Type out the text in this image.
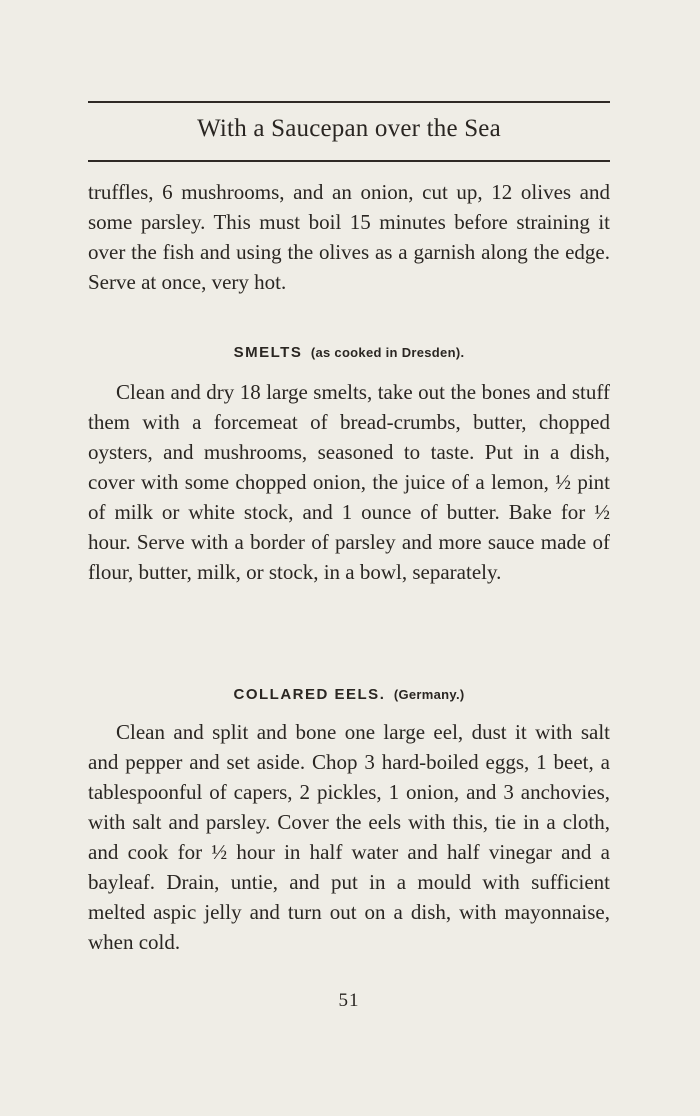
With a Saucepan over the Sea

truffles, 6 mushrooms, and an onion, cut up, 12 olives and some parsley. This must boil 15 minutes before straining it over the fish and using the olives as a garnish along the edge. Serve at once, very hot.

SMELTS (as cooked in Dresden).

Clean and dry 18 large smelts, take out the bones and stuff them with a forcemeat of bread-crumbs, butter, chopped oysters, and mushrooms, seasoned to taste. Put in a dish, cover with some chopped onion, the juice of a lemon, ½ pint of milk or white stock, and 1 ounce of butter. Bake for ½ hour. Serve with a border of parsley and more sauce made of flour, butter, milk, or stock, in a bowl, separately.

COLLARED EELS. (Germany.)

Clean and split and bone one large eel, dust it with salt and pepper and set aside. Chop 3 hard-boiled eggs, 1 beet, a tablespoonful of capers, 2 pickles, 1 onion, and 3 anchovies, with salt and parsley. Cover the eels with this, tie in a cloth, and cook for ½ hour in half water and half vinegar and a bayleaf. Drain, untie, and put in a mould with sufficient melted aspic jelly and turn out on a dish, with mayonnaise, when cold.

51
